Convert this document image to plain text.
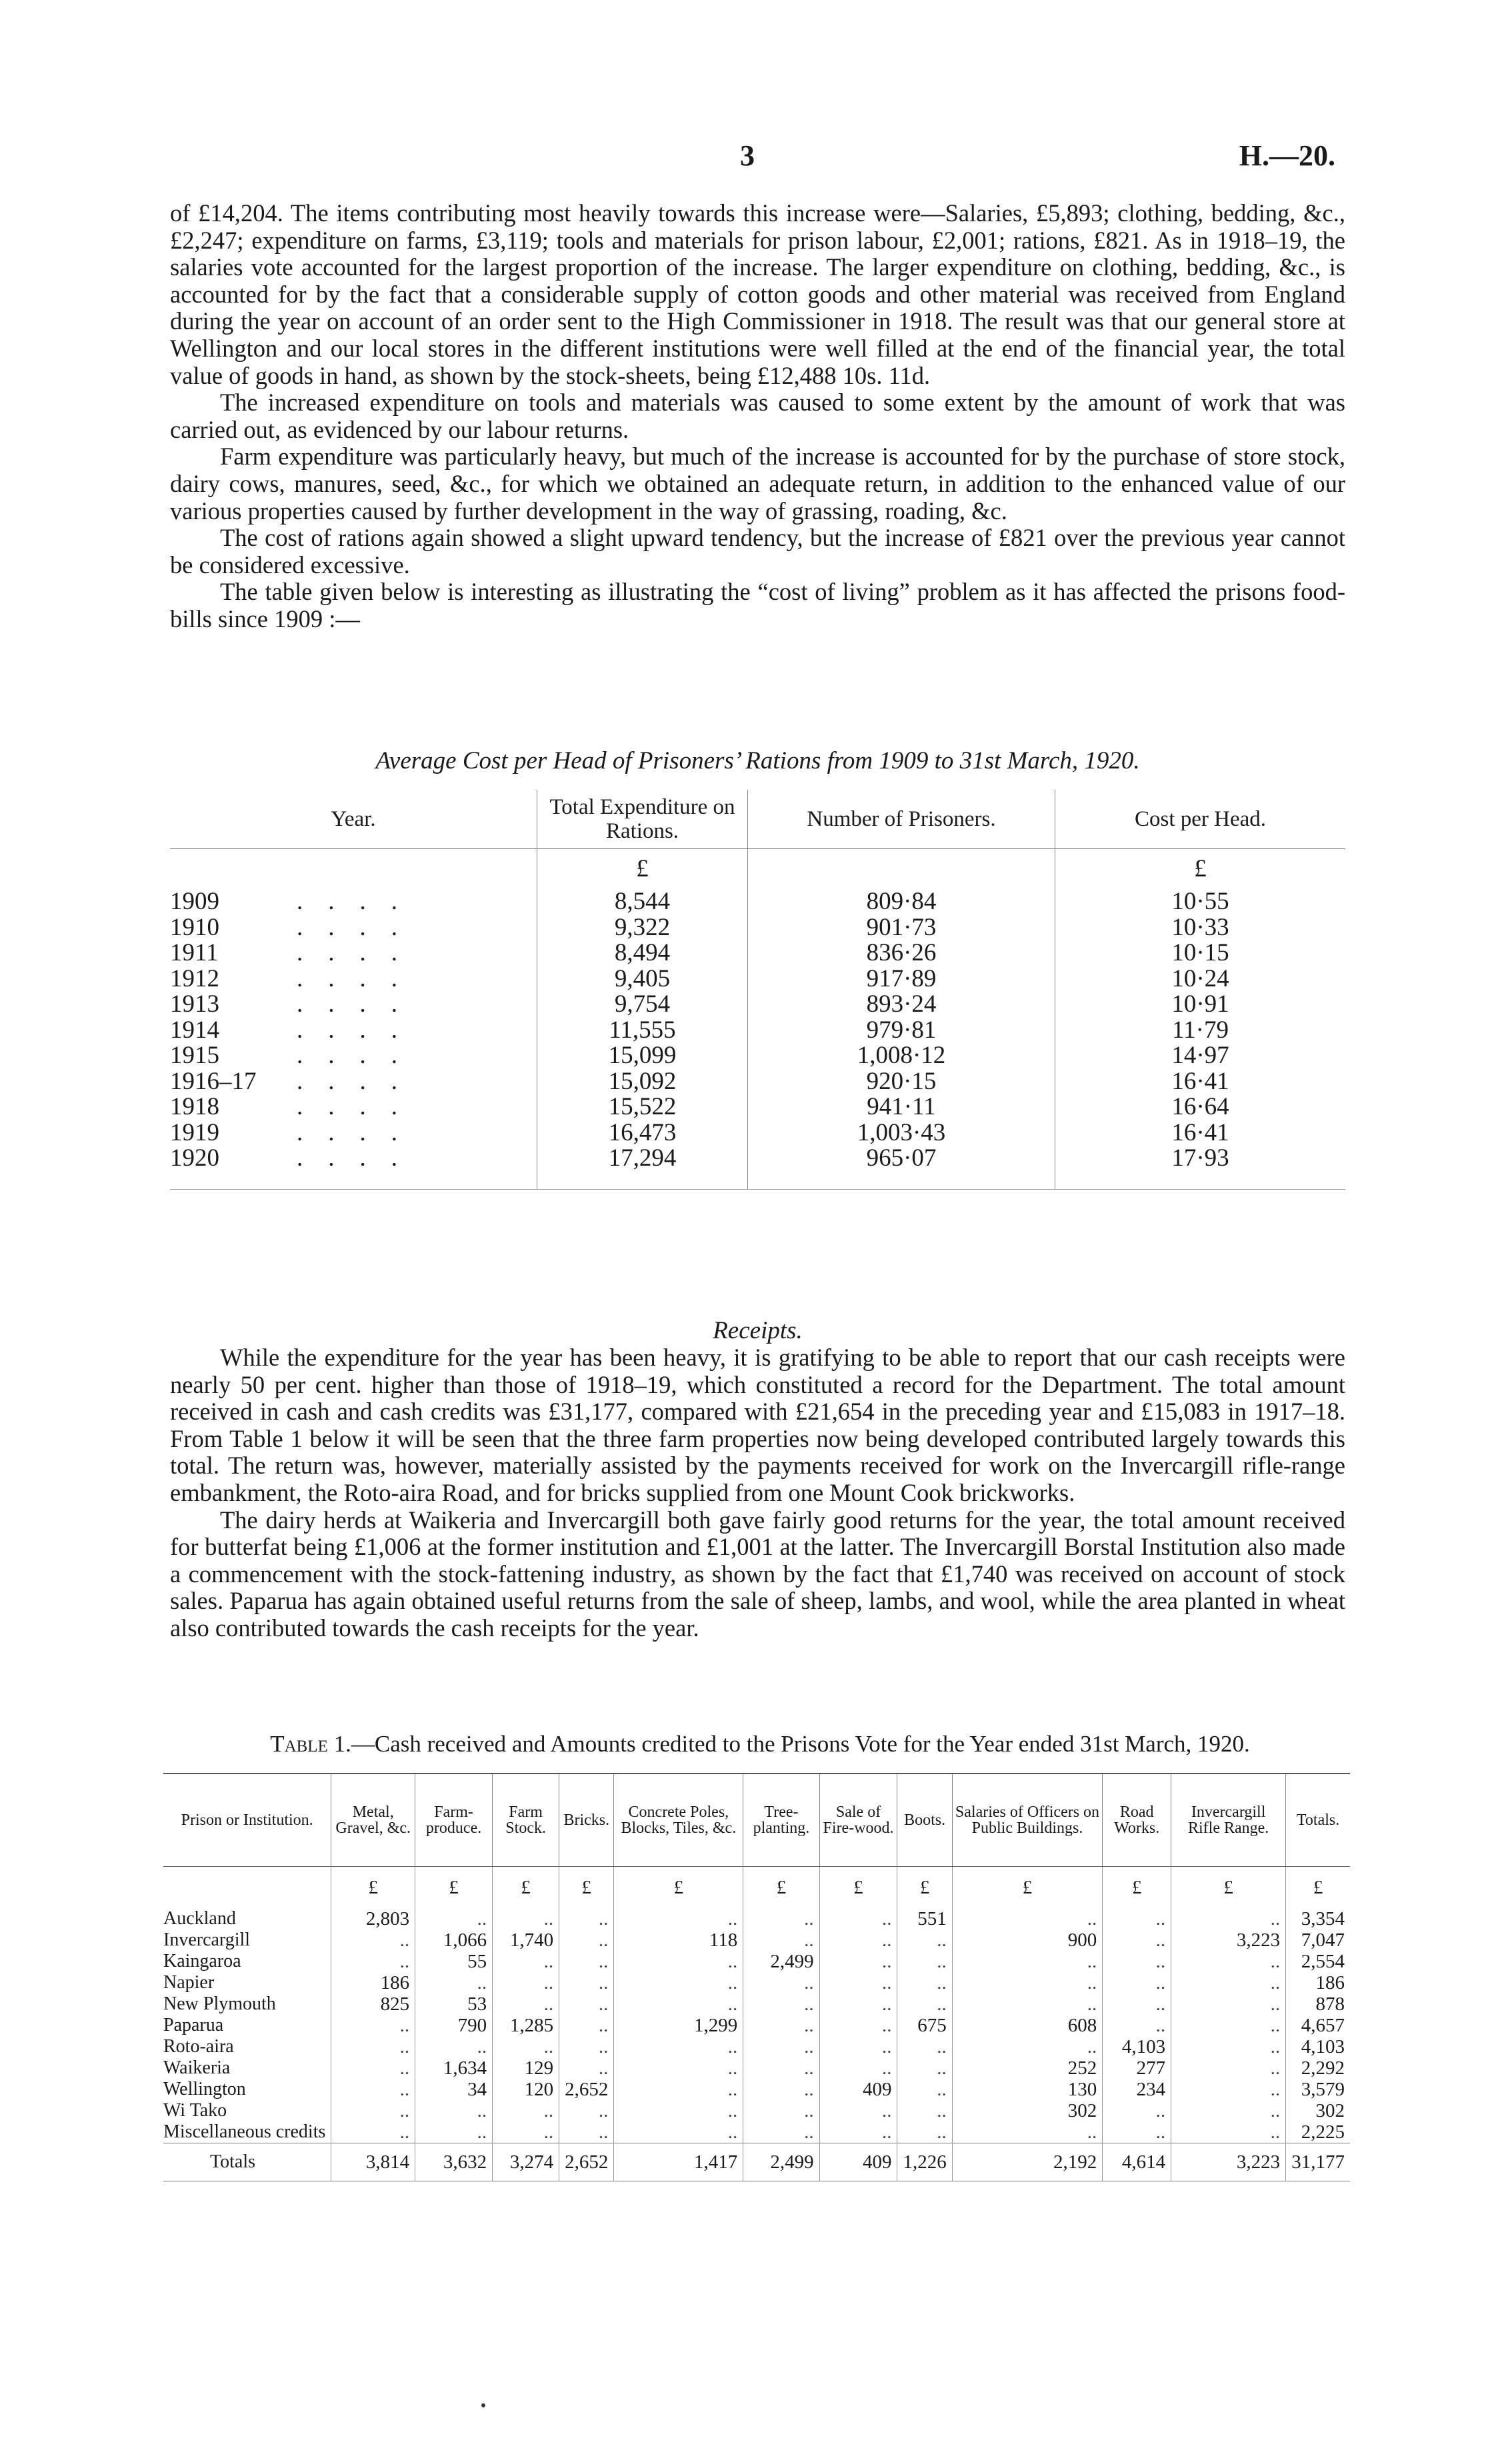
3	H.—20.

of £14,204. The items contributing most heavily towards this increase were—Salaries, £5,893; clothing, bedding, &c., £2,247; expenditure on farms, £3,119; tools and materials for prison labour, £2,001; rations, £821. As in 1918–19, the salaries vote accounted for the largest proportion of the increase. The larger expenditure on clothing, bedding, &c., is accounted for by the fact that a considerable supply of cotton goods and other material was received from England during the year on account of an order sent to the High Commissioner in 1918. The result was that our general store at Wellington and our local stores in the different institutions were well filled at the end of the financial year, the total value of goods in hand, as shown by the stock-sheets, being £12,488 10s. 11d.

The increased expenditure on tools and materials was caused to some extent by the amount of work that was carried out, as evidenced by our labour returns.

Farm expenditure was particularly heavy, but much of the increase is accounted for by the purchase of store stock, dairy cows, manures, seed, &c., for which we obtained an adequate return, in addition to the enhanced value of our various properties caused by further development in the way of grassing, roading, &c.

The cost of rations again showed a slight upward tendency, but the increase of £821 over the previous year cannot be considered excessive.

The table given below is interesting as illustrating the “cost of living” problem as it has affected the prisons food-bills since 1909 :—

Average Cost per Head of Prisoners’ Rations from 1909 to 31st March, 1920.
Year.	Total Expenditure on Rations.	Number of Prisoners.	Cost per Head.
	£		£
1909 ....	8,544	809·84	10·55
1910 ....	9,322	901·73	10·33
1911 ....	8,494	836·26	10·15
1912 ....	9,405	917·89	10·24
1913 ....	9,754	893·24	10·91
1914 ....	11,555	979·81	11·79
1915 ....	15,099	1,008·12	14·97
1916–17 ....	15,092	920·15	16·41
1918 ....	15,522	941·11	16·64
1919 ....	16,473	1,003·43	16·41
1920 ....	17,294	965·07	17·93

Receipts.

While the expenditure for the year has been heavy, it is gratifying to be able to report that our cash receipts were nearly 50 per cent. higher than those of 1918–19, which constituted a record for the Department. The total amount received in cash and cash credits was £31,177, compared with £21,654 in the preceding year and £15,083 in 1917–18. From Table 1 below it will be seen that the three farm properties now being developed contributed largely towards this total. The return was, however, materially assisted by the payments received for work on the Invercargill rifle-range embankment, the Roto-aira Road, and for bricks supplied from one Mount Cook brickworks.

The dairy herds at Waikeria and Invercargill both gave fairly good returns for the year, the total amount received for butterfat being £1,006 at the former institution and £1,001 at the latter. The Invercargill Borstal Institution also made a commencement with the stock-fattening industry, as shown by the fact that £1,740 was received on account of stock sales. Paparua has again obtained useful returns from the sale of sheep, lambs, and wool, while the area planted in wheat also contributed towards the cash receipts for the year.

Table 1.—Cash received and Amounts credited to the Prisons Vote for the Year ended 31st March, 1920.
Prison or Institution.	Metal, Gravel, &c.	Farm-produce.	Farm Stock.	Bricks.	Concrete Poles, Blocks, Tiles, &c.	Tree-planting.	Sale of Fire-wood.	Boots.	Salaries of Officers on Public Buildings.	Road Works.	Invercargill Rifle Range.	Totals.
	£	£	£	£	£	£	£	£	£	£	£	£
Auckland	2,803	..	..	..	..	..	..	551	..	..	..	3,354
Invercargill	..	1,066	1,740	..	118	..	..	..	900	..	3,223	7,047
Kaingaroa	..	55	..	..	..	2,499	..	..	..	..	..	2,554
Napier	186	..	..	..	..	..	..	..	..	..	..	186
New Plymouth	825	53	..	..	..	..	..	..	..	..	..	878
Paparua	..	790	1,285	..	1,299	..	..	675	608	..	..	4,657
Roto-aira	..	..	..	..	..	..	..	..	..	4,103	..	4,103
Waikeria	..	1,634	129	..	..	..	..	..	252	277	..	2,292
Wellington	..	34	120	2,652	..	..	409	..	130	234	..	3,579
Wi Tako	..	..	..	..	..	..	..	..	302	..	..	302
Miscellaneous credits	..	..	..	..	..	..	..	..	..	..	..	2,225
Totals	3,814	3,632	3,274	2,652	1,417	2,499	409	1,226	2,192	4,614	3,223	31,177
